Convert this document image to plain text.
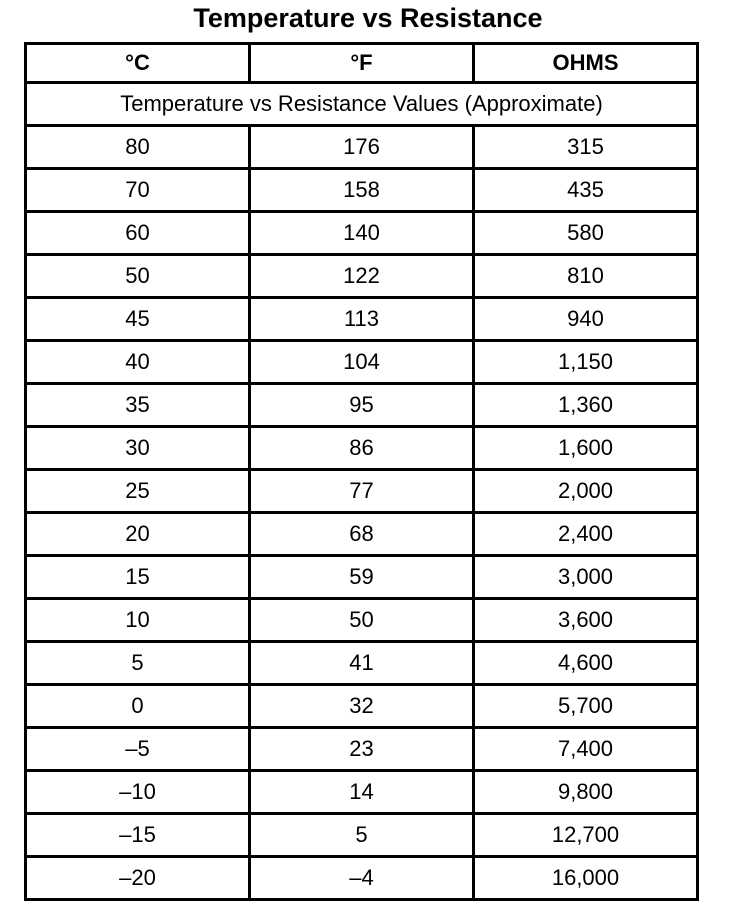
Temperature vs Resistance
°C	°F	OHMS
Temperature vs Resistance Values (Approximate)		
80	176	315
70	158	435
60	140	580
50	122	810
45	113	940
40	104	1,150
35	95	1,360
30	86	1,600
25	77	2,000
20	68	2,400
15	59	3,000
10	50	3,600
5	41	4,600
0	32	5,700
–5	23	7,400
–10	14	9,800
–15	5	12,700
–20	–4	16,000
